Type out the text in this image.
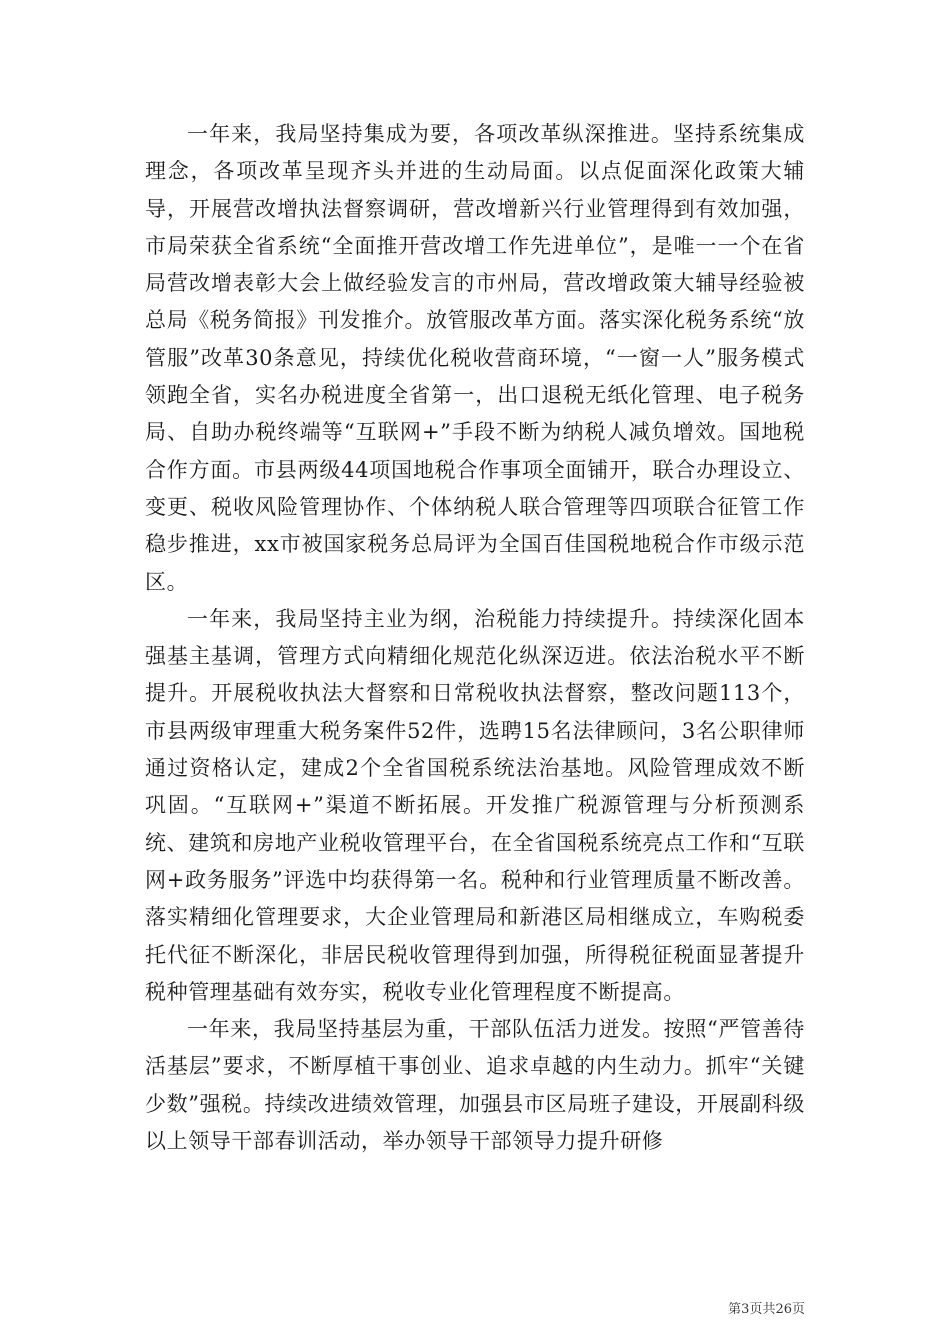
一年来，我局坚持集成为要，各项改革纵深推进。坚持系统集成理念，各项改革呈现齐头并进的生动局面。以点促面深化政策大辅导，开展营改增执法督察调研，营改增新兴行业管理得到有效加强，市局荣获全省系统“全面推开营改增工作先进单位”，是唯一一个在省局营改增表彰大会上做经验发言的市州局，营改增政策大辅导经验被总局《税务简报》刊发推介。放管服改革方面。落实深化税务系统“放管服”改革30条意见，持续优化税收营商环境，“一窗一人”服务模式领跑全省，实名办税进度全省第一，出口退税无纸化管理、电子税务局、自助办税终端等“互联网+”手段不断为纳税人减负增效。国地税合作方面。市县两级44项国地税合作事项全面铺开，联合办理设立、变更、税收风险管理协作、个体纳税人联合管理等四项联合征管工作稳步推进，xx市被国家税务总局评为全国百佳国税地税合作市级示范区。

一年来，我局坚持主业为纲，治税能力持续提升。持续深化固本强基主基调，管理方式向精细化规范化纵深迈进。依法治税水平不断提升。开展税收执法大督察和日常税收执法督察，整改问题113个，市县两级审理重大税务案件52件，选聘15名法律顾问，3名公职律师通过资格认定，建成2个全省国税系统法治基地。风险管理成效不断巩固。“互联网+”渠道不断拓展。开发推广税源管理与分析预测系统、建筑和房地产业税收管理平台，在全省国税系统亮点工作和“互联网+政务服务”评选中均获得第一名。税种和行业管理质量不断改善。落实精细化管理要求，大企业管理局和新港区局相继成立，车购税委托代征不断深化，非居民税收管理得到加强，所得税征税面显著提升税种管理基础有效夯实，税收专业化管理程度不断提高。

一年来，我局坚持基层为重，干部队伍活力迸发。按照“严管善待活基层”要求，不断厚植干事创业、追求卓越的内生动力。抓牢“关键少数”强税。持续改进绩效管理，加强县市区局班子建设，开展副科级以上领导干部春训活动，举办领导干部领导力提升研修

第3页共26页
